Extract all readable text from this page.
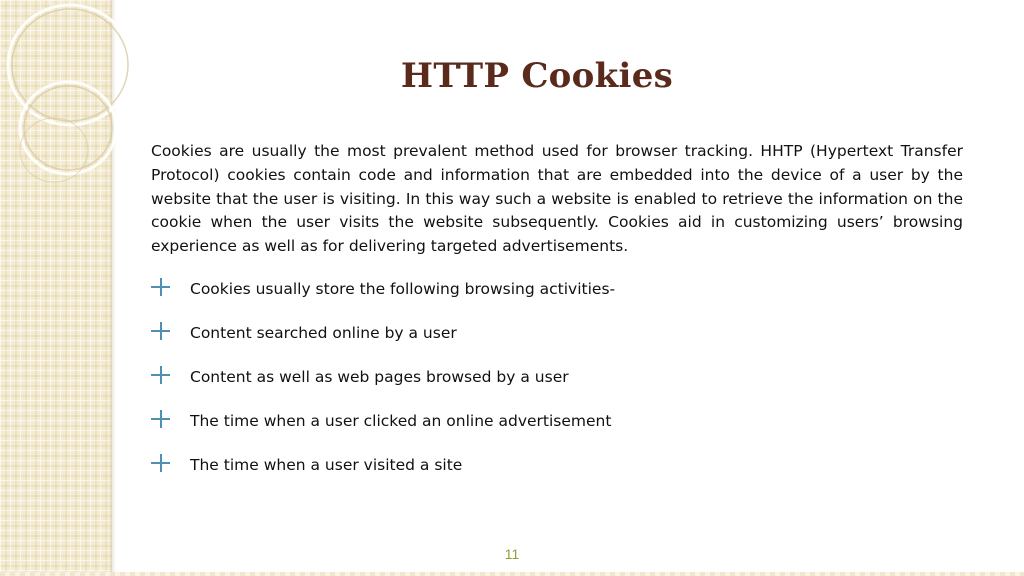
HTTP Cookies

Cookies are usually the most prevalent method used for browser tracking. HHTP (Hypertext Transfer Protocol) cookies contain code and information that are embedded into the device of a user by the website that the user is visiting. In this way such a website is enabled to retrieve the information on the cookie when the user visits the website subsequently. Cookies aid in customizing users’ browsing experience as well as for delivering targeted advertisements.

Cookies usually store the following browsing activities-
Content searched online by a user
Content as well as web pages browsed by a user
The time when a user clicked an online advertisement
The time when a user visited a site
11
